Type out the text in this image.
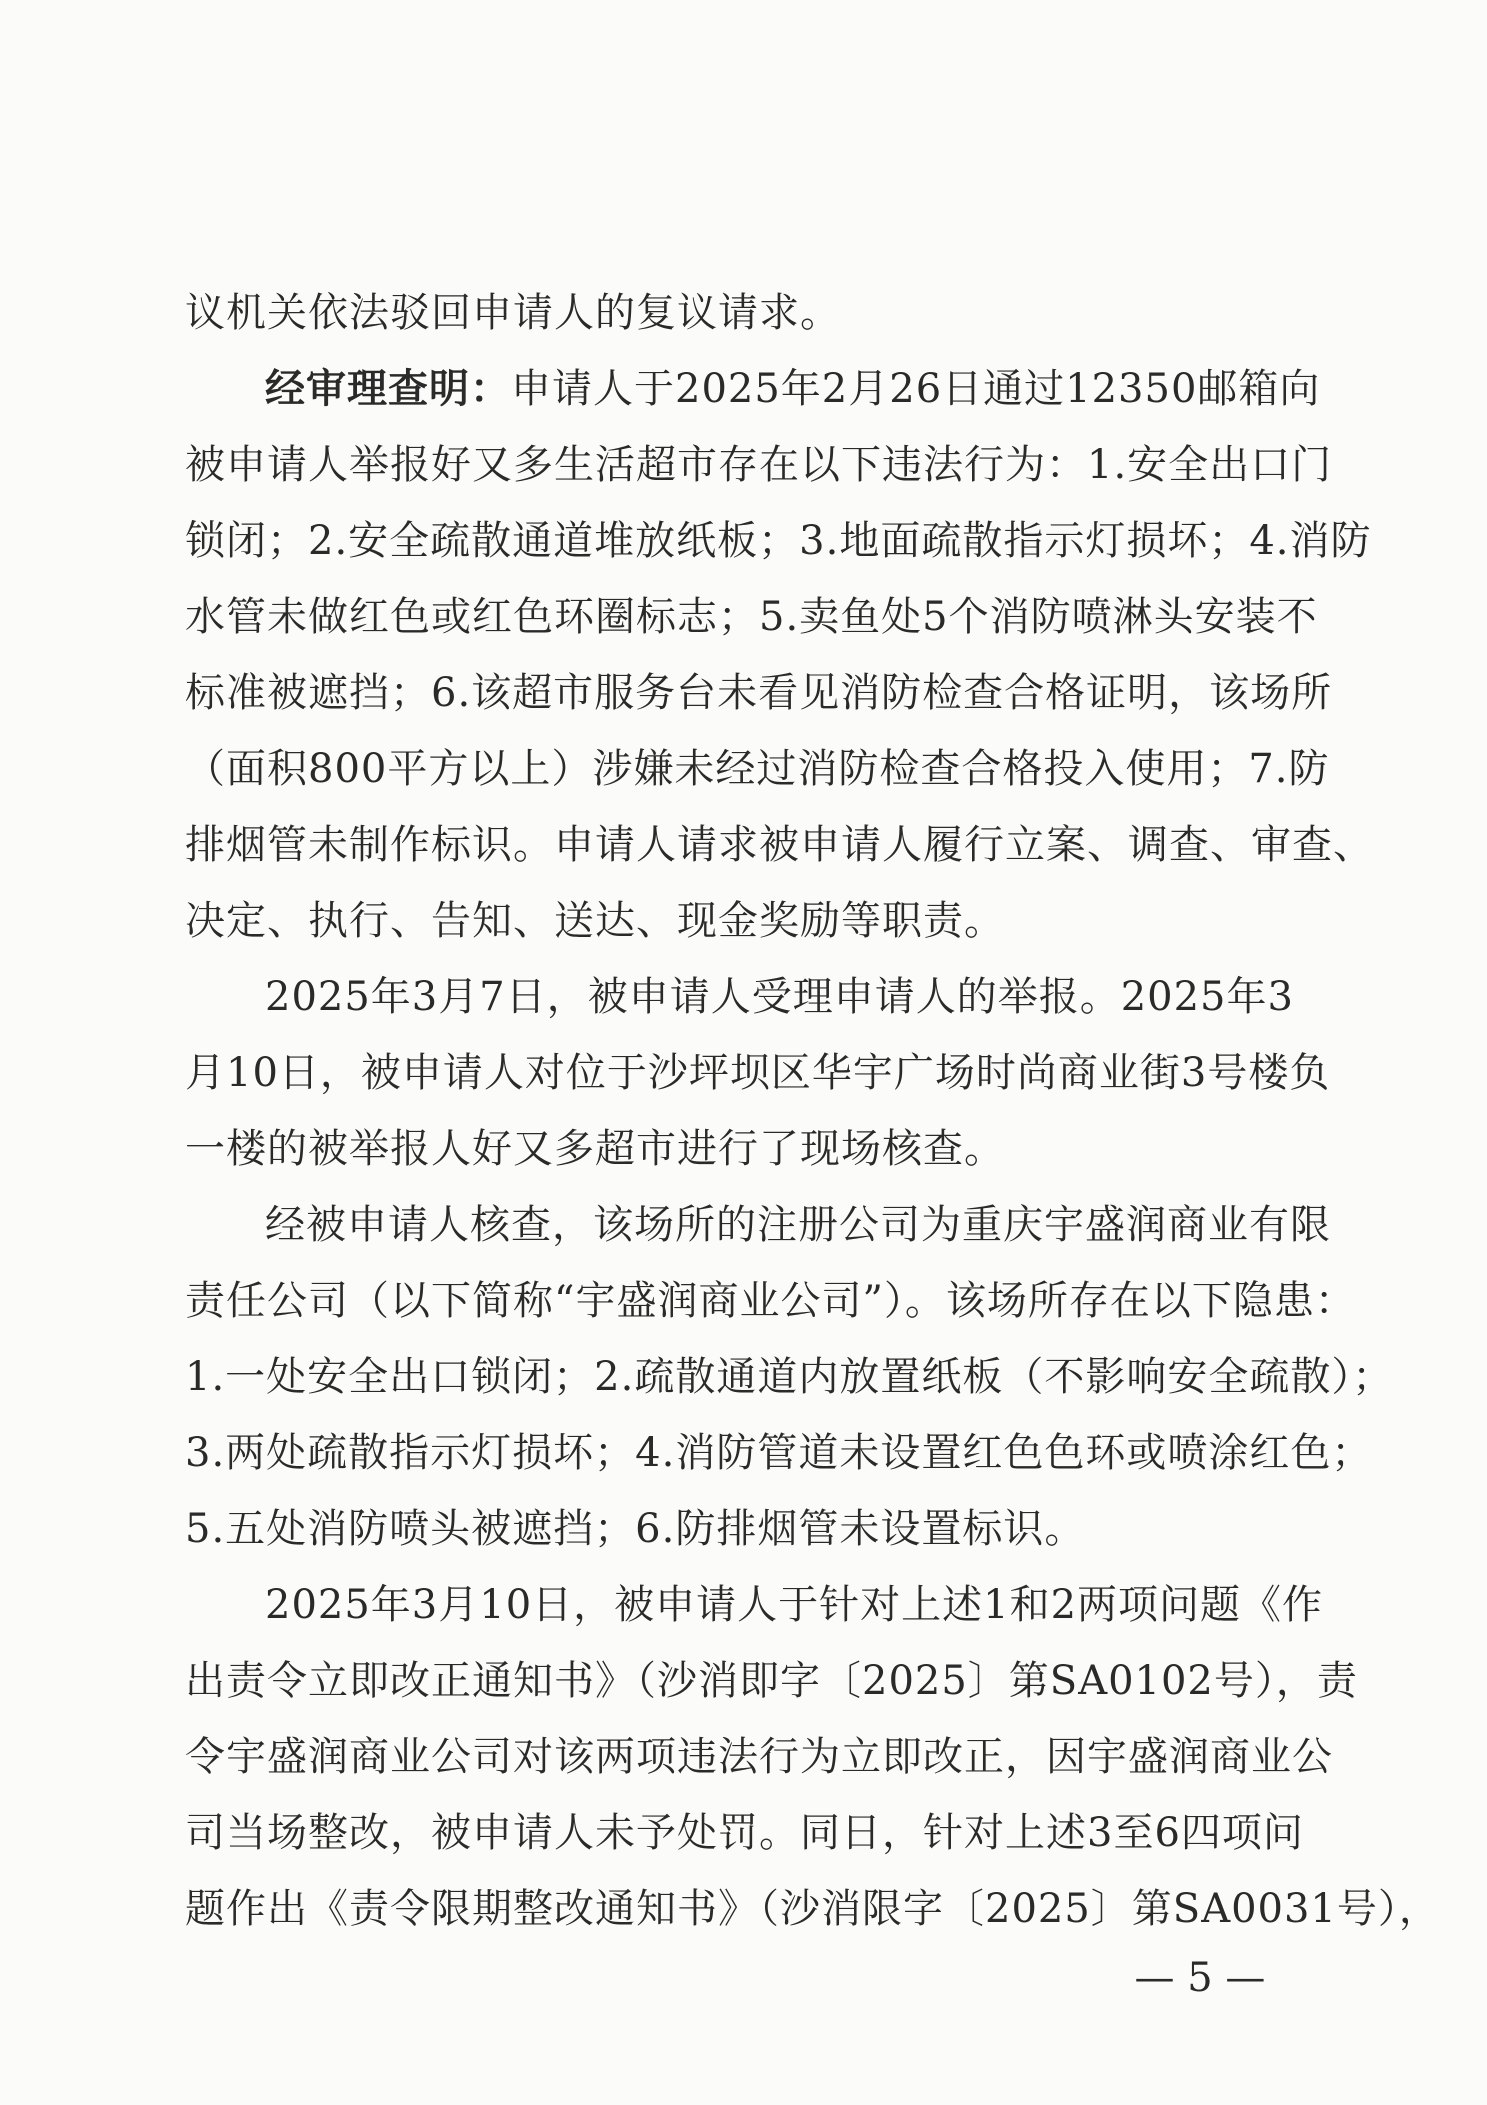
议机关依法驳回申请人的复议请求。
经审理查明：申请人于2025年2月26日通过12350邮箱向
被申请人举报好又多生活超市存在以下违法行为：1.安全出口门
锁闭；2.安全疏散通道堆放纸板；3.地面疏散指示灯损坏；4.消防
水管未做红色或红色环圈标志；5.卖鱼处5个消防喷淋头安装不
标准被遮挡；6.该超市服务台未看见消防检查合格证明，该场所
（面积800平方以上）涉嫌未经过消防检查合格投入使用；7.防
排烟管未制作标识。申请人请求被申请人履行立案、调查、审查、
决定、执行、告知、送达、现金奖励等职责。
2025年3月7日，被申请人受理申请人的举报。2025年3
月10日，被申请人对位于沙坪坝区华宇广场时尚商业街3号楼负
一楼的被举报人好又多超市进行了现场核查。
经被申请人核查，该场所的注册公司为重庆宇盛润商业有限
责任公司（以下简称“宇盛润商业公司”）。该场所存在以下隐患：
1.一处安全出口锁闭；2.疏散通道内放置纸板（不影响安全疏散）；
3.两处疏散指示灯损坏；4.消防管道未设置红色色环或喷涂红色；
5.五处消防喷头被遮挡；6.防排烟管未设置标识。
2025年3月10日，被申请人于针对上述1和2两项问题《作
出责令立即改正通知书》（沙消即字〔2025〕第SA0102号），责
令宇盛润商业公司对该两项违法行为立即改正，因宇盛润商业公
司当场整改，被申请人未予处罚。同日，针对上述3至6四项问
题作出《责令限期整改通知书》（沙消限字〔2025〕第SA0031号），
— 5 —
